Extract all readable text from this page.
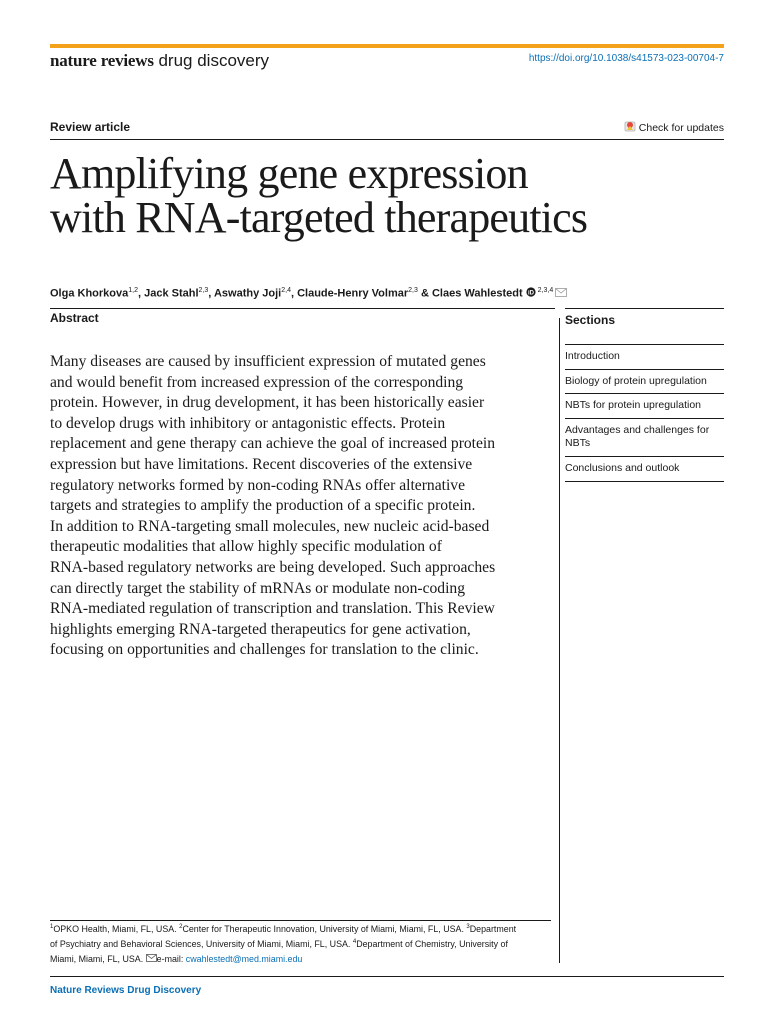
nature reviews drug discovery	https://doi.org/10.1038/s41573-023-00704-7
Review article	Check for updates
Amplifying gene expression
with RNA-targeted therapeutics
Olga Khorkova$^{1,2}$, Jack Stahl$^{2,3}$, Aswathy Joji$^{2,4}$, Claude-Henry Volmar$^{2,3}$ & Claes Wahlestedt iD $^{2,3,4}$
Abstract

Many diseases are caused by insufficient expression of mutated genes
and would benefit from increased expression of the corresponding
protein. However, in drug development, it has been historically easier
to develop drugs with inhibitory or antagonistic effects. Protein
replacement and gene therapy can achieve the goal of increased protein
expression but have limitations. Recent discoveries of the extensive
regulatory networks formed by non-coding RNAs offer alternative
targets and strategies to amplify the production of a specific protein.
In addition to RNA-targeting small molecules, new nucleic acid-based
therapeutic modalities that allow highly specific modulation of
RNA-based regulatory networks are being developed. Such approaches
can directly target the stability of mRNAs or modulate non-coding
RNA-mediated regulation of transcription and translation. This Review
highlights emerging RNA-targeted therapeutics for gene activation,
focusing on opportunities and challenges for translation to the clinic.

Sections
Introduction
Biology of protein upregulation
NBTs for protein upregulation
Advantages and challenges for NBTs
Conclusions and outlook
$^1$OPKO Health, Miami, FL, USA. $^2$Center for Therapeutic Innovation, University of Miami, Miami, FL, USA. $^3$Department
of Psychiatry and Behavioral Sciences, University of Miami, Miami, FL, USA. $^4$Department of Chemistry, University of
Miami, Miami, FL, USA. e-mail: cwahlestedt@med.miami.edu
Nature Reviews Drug Discovery
